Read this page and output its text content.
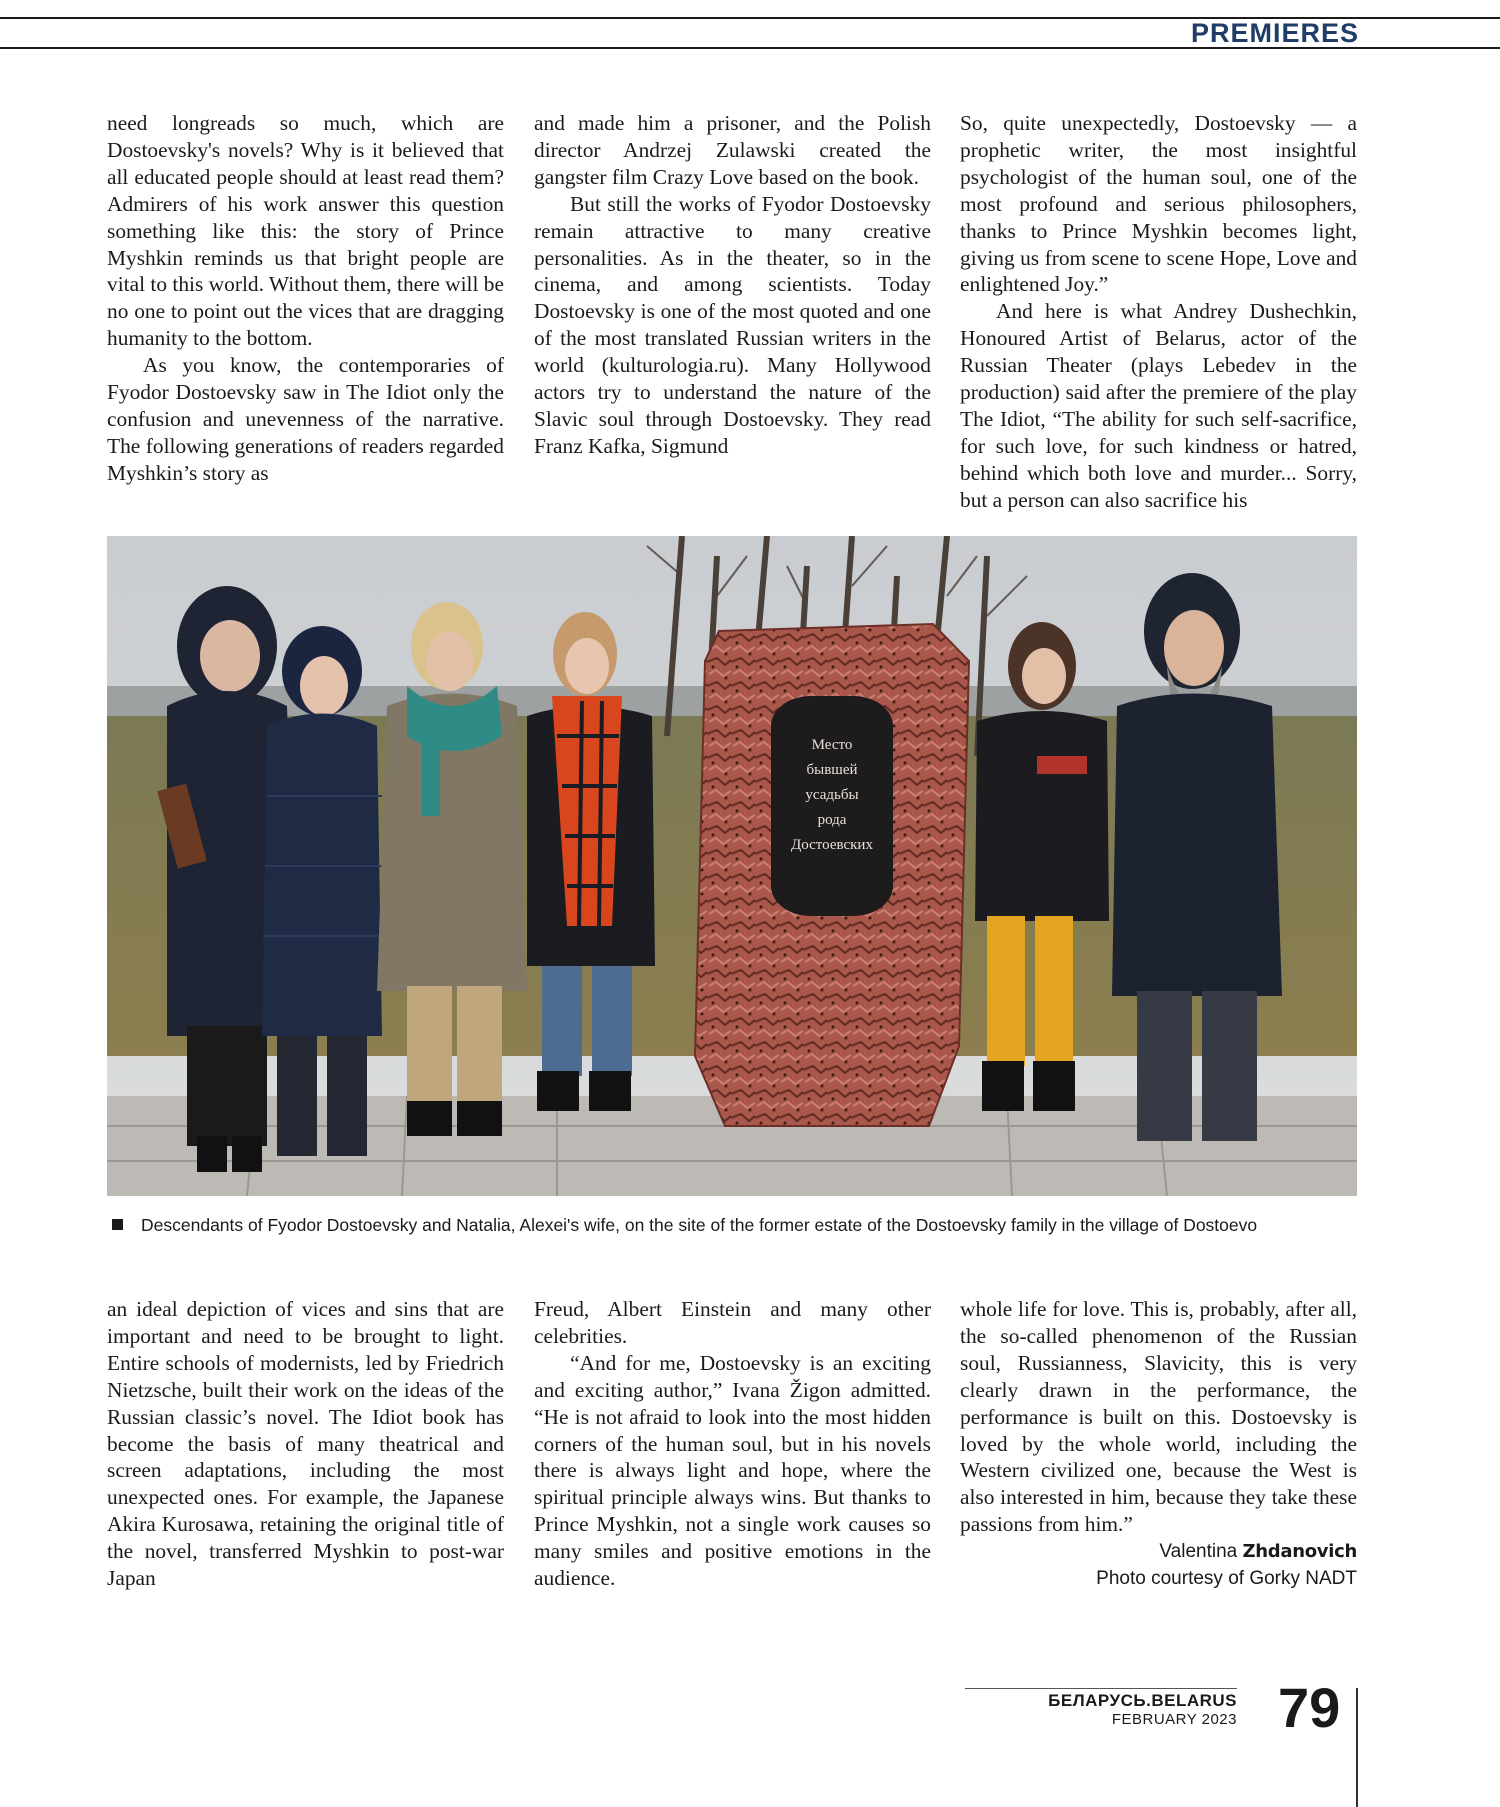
PREMIERES

need longreads so much, which are Dostoevsky's novels? Why is it believed that all educated people should at least read them? Admirers of his work answer this question something like this: the story of Prince Myshkin reminds us that bright people are vital to this world. Without them, there will be no one to point out the vices that are dragging humanity to the bottom.

As you know, the contemporaries of Fyodor Dostoevsky saw in The Idiot only the confusion and unevenness of the narrative. The following generations of readers regarded Myshkin’s story as

and made him a prisoner, and the Polish director Andrzej Zulawski created the gangster film Crazy Love based on the book.

But still the works of Fyodor Dostoevsky remain attractive to many creative personalities. As in the theater, so in the cinema, and among scientists. Today Dostoevsky is one of the most quoted and one of the most translated Russian writers in the world (kulturologia.ru). Many Hollywood actors try to understand the nature of the Slavic soul through Dostoevsky. They read Franz Kafka, Sigmund

So, quite unexpectedly, Dostoevsky — a prophetic writer, the most insightful psychologist of the human soul, one of the most profound and serious philosophers, thanks to Prince Myshkin becomes light, giving us from scene to scene Hope, Love and enlightened Joy.”

And here is what Andrey Dushechkin, Honoured Artist of Belarus, actor of the Russian Theater (plays Lebedev in the production) said after the premiere of the play The Idiot, “The ability for such self-sacrifice, for such love, for such kindness or hatred, behind which both love and murder... Sorry, but a person can also sacrifice his

Место
бывшей
усадьбы
рода
Достоевских
Descendants of Fyodor Dostoevsky and Natalia, Alexei's wife, on the site of the former estate of the Dostoevsky family in the village of Dostoevo

an ideal depiction of vices and sins that are important and need to be brought to light. Entire schools of modernists, led by Friedrich Nietzsche, built their work on the ideas of the Russian classic’s novel. The Idiot book has become the basis of many theatrical and screen adaptations, including the most unexpected ones. For example, the Japanese Akira Kurosawa, retaining the original title of the novel, transferred Myshkin to post-war Japan

Freud, Albert Einstein and many other celebrities.

“And for me, Dostoevsky is an exciting and exciting author,” Ivana Žigon admitted. “He is not afraid to look into the most hidden corners of the human soul, but in his novels there is always light and hope, where the spiritual principle always wins. But thanks to Prince Myshkin, not a single work causes so many smiles and positive emotions in the audience.

whole life for love. This is, probably, after all, the so-called phenomenon of the Russian soul, Russianness, Slavicity, this is very clearly drawn in the performance, the performance is built on this. Dostoevsky is loved by the whole world, including the Western civilized one, because the West is also interested in him, because they take these passions from him.”

Valentina Zhdanovich
Photo courtesy of Gorky NADT
БЕЛАРУСЬ.BELARUS
FEBRUARY 2023 79
